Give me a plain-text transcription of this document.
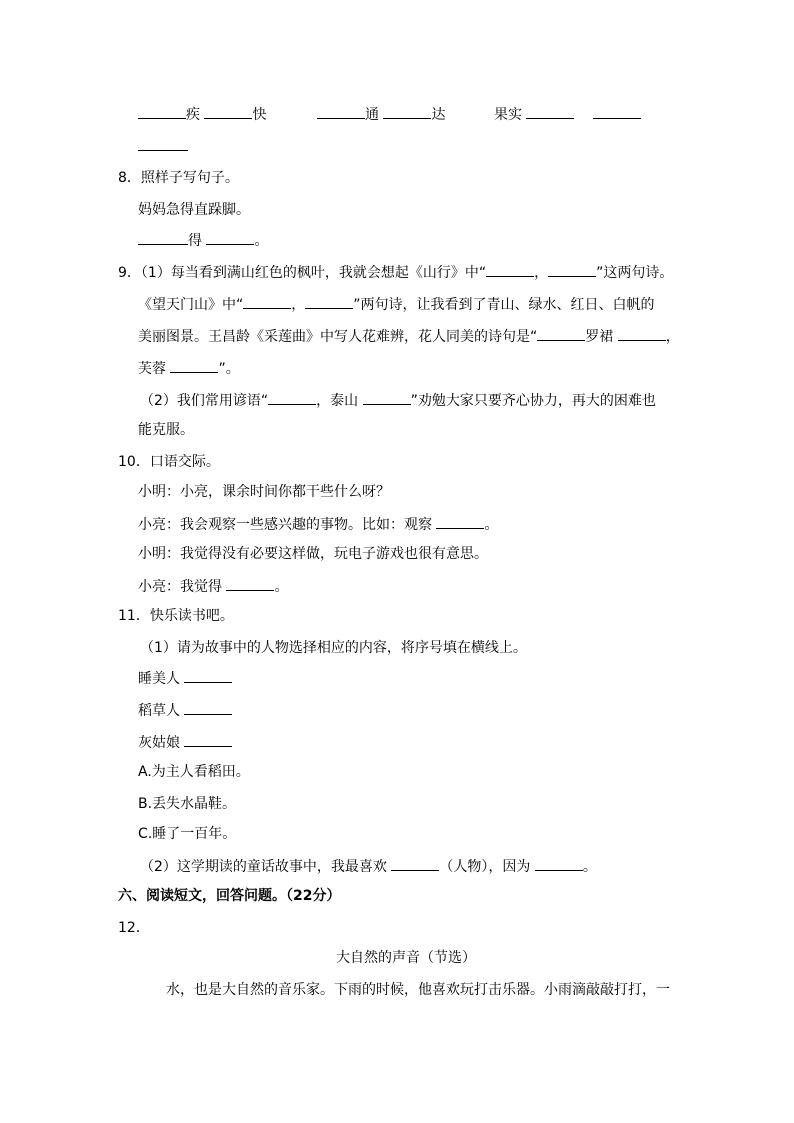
疾	快	通	达	果实
8．照样子写句子。
妈妈急得直跺脚。
得	。
9．（1）每当看到满山红色的枫叶，我就会想起《山行》中“	，	”这两句诗。
《望天门山》中“	，	”两句诗，让我看到了青山、绿水、红日、白帆的
美丽图景。王昌龄《采莲曲》中写人花难辨，花人同美的诗句是“	罗裙	，
芙蓉	”。
（2）我们常用谚语“	，泰山	”劝勉大家只要齐心协力，再大的困难也
能克服。
10．口语交际。
小明：小亮，课余时间你都干些什么呀？
小亮：我会观察一些感兴趣的事物。比如：观察	。
小明：我觉得没有必要这样做，玩电子游戏也很有意思。
小亮：我觉得	。
11．快乐读书吧。
（1）请为故事中的人物选择相应的内容，将序号填在横线上。
睡美人
稻草人
灰姑娘
A.为主人看稻田。
B.丢失水晶鞋。
C.睡了一百年。
（2）这学期读的童话故事中，我最喜欢	（人物），因为	。
六、阅读短文，回答问题。（22分）
12．
大自然的声音（节选）
水，也是大自然的音乐家。下雨的时候，他喜欢玩打击乐器。小雨滴敲敲打打，一
